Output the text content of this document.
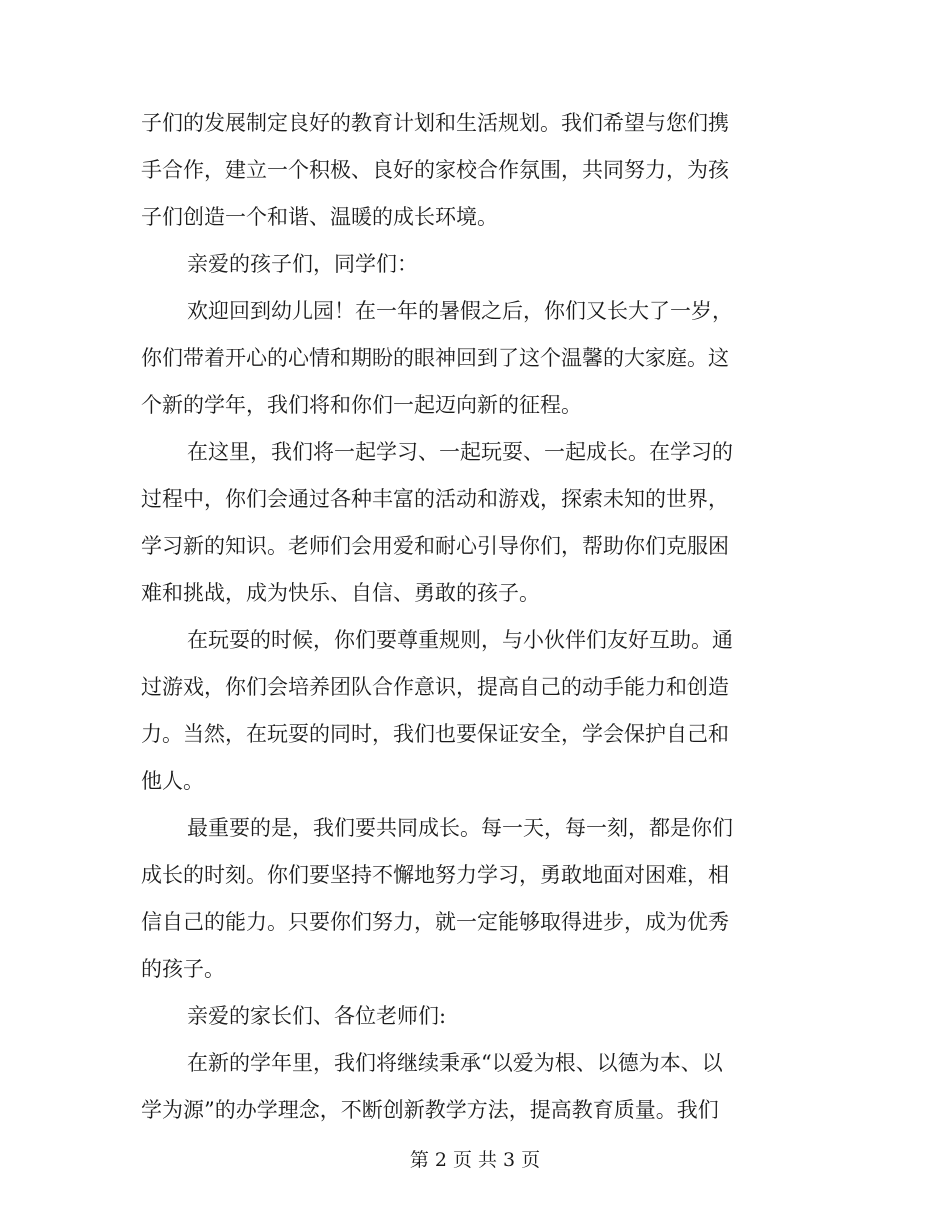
子们的发展制定良好的教育计划和生活规划。我们希望与您们携
手合作，建立一个积极、良好的家校合作氛围，共同努力，为孩
子们创造一个和谐、温暖的成长环境。

亲爱的孩子们，同学们：

欢迎回到幼儿园！在一年的暑假之后，你们又长大了一岁，
你们带着开心的心情和期盼的眼神回到了这个温馨的大家庭。这
个新的学年，我们将和你们一起迈向新的征程。

在这里，我们将一起学习、一起玩耍、一起成长。在学习的
过程中，你们会通过各种丰富的活动和游戏，探索未知的世界，
学习新的知识。老师们会用爱和耐心引导你们，帮助你们克服困
难和挑战，成为快乐、自信、勇敢的孩子。

在玩耍的时候，你们要尊重规则，与小伙伴们友好互助。通
过游戏，你们会培养团队合作意识，提高自己的动手能力和创造
力。当然，在玩耍的同时，我们也要保证安全，学会保护自己和
他人。

最重要的是，我们要共同成长。每一天，每一刻，都是你们
成长的时刻。你们要坚持不懈地努力学习，勇敢地面对困难，相
信自己的能力。只要你们努力，就一定能够取得进步，成为优秀
的孩子。

亲爱的家长们、各位老师们:

在新的学年里，我们将继续秉承“以爱为根、以德为本、以
学为源”的办学理念，不断创新教学方法，提高教育质量。我们

第 2 页 共 3 页
